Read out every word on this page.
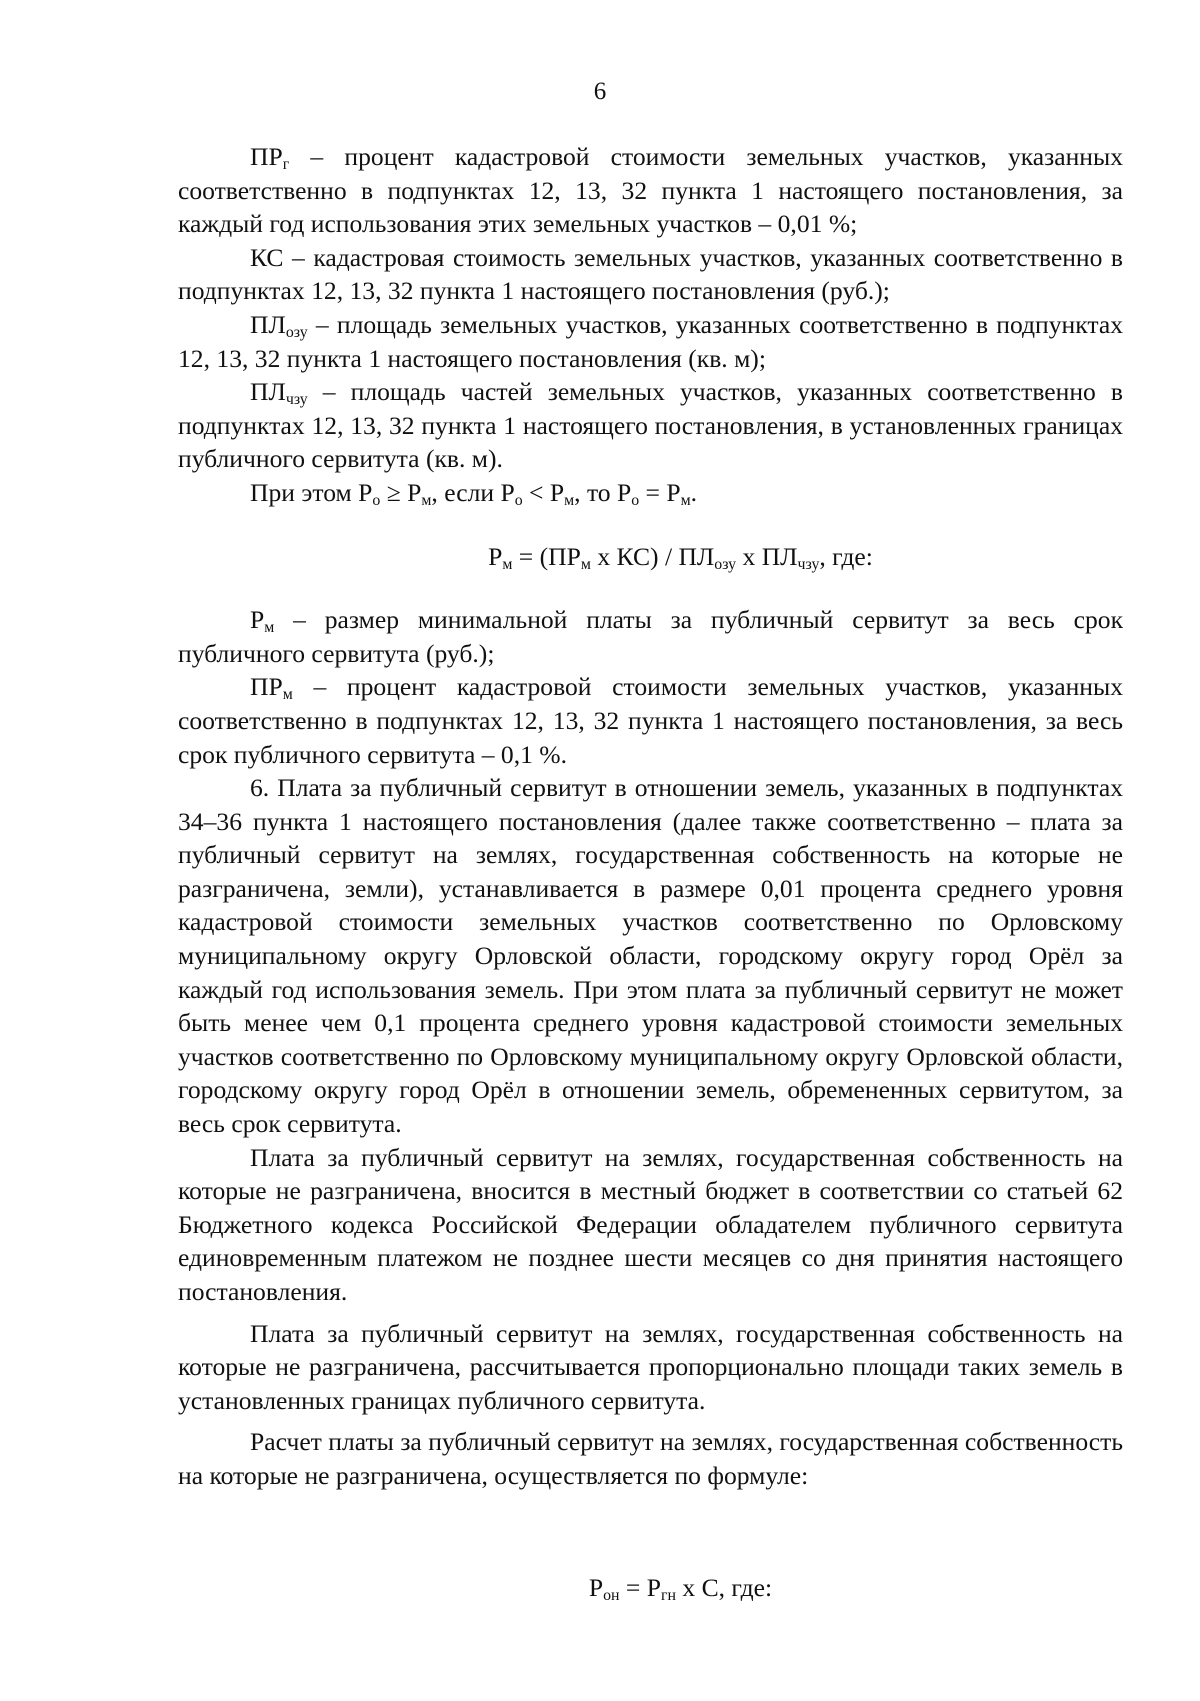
6

$ПР_г$ – процент кадастровой стоимости земельных участков, указанных соответственно в подпунктах 12, 13, 32 пункта 1 настоящего постановления, за каждый год использования этих земельных участков – 0,01 %;

КС – кадастровая стоимость земельных участков, указанных соответственно в подпунктах 12, 13, 32 пункта 1 настоящего постановления (руб.);

$ПЛ_{озу}$ – площадь земельных участков, указанных соответственно в подпунктах 12, 13, 32 пункта 1 настоящего постановления (кв. м);

$ПЛ_{чзу}$ – площадь частей земельных участков, указанных соответственно в подпунктах 12, 13, 32 пункта 1 настоящего постановления, в установленных границах публичного сервитута (кв. м).

При этом $Р_о \ge Р_м$, если $Р_о < Р_м$, то $Р_о = Р_м$.

$Р_м = (ПР_м$ х $КС) / ПЛ_{озу}$ х $ПЛ_{чзу}$, где:

$Р_м$ – размер минимальной платы за публичный сервитут за весь срок публичного сервитута (руб.);

$ПР_м$ – процент кадастровой стоимости земельных участков, указанных соответственно в подпунктах 12, 13, 32 пункта 1 настоящего постановления, за весь срок публичного сервитута – 0,1 %.

6. Плата за публичный сервитут в отношении земель, указанных в подпунктах 34–36 пункта 1 настоящего постановления (далее также соответственно – плата за публичный сервитут на землях, государственная собственность на которые не разграничена, земли), устанавливается в размере 0,01 процента среднего уровня кадастровой стоимости земельных участков соответственно по Орловскому муниципальному округу Орловской области, городскому округу город Орёл за каждый год использования земель. При этом плата за публичный сервитут не может быть менее чем 0,1 процента среднего уровня кадастровой стоимости земельных участков соответственно по Орловскому муниципальному округу Орловской области, городскому округу город Орёл в отношении земель, обремененных сервитутом, за весь срок сервитута.

Плата за публичный сервитут на землях, государственная собственность на которые не разграничена, вносится в местный бюджет в соответствии со статьей 62 Бюджетного кодекса Российской Федерации обладателем публичного сервитута единовременным платежом не позднее шести месяцев со дня принятия настоящего постановления.

Плата за публичный сервитут на землях, государственная собственность на которые не разграничена, рассчитывается пропорционально площади таких земель в установленных границах публичного сервитута.

Расчет платы за публичный сервитут на землях, государственная собственность на которые не разграничена, осуществляется по формуле:

$Р_{он} = Р_{гн}$ х С, где:
